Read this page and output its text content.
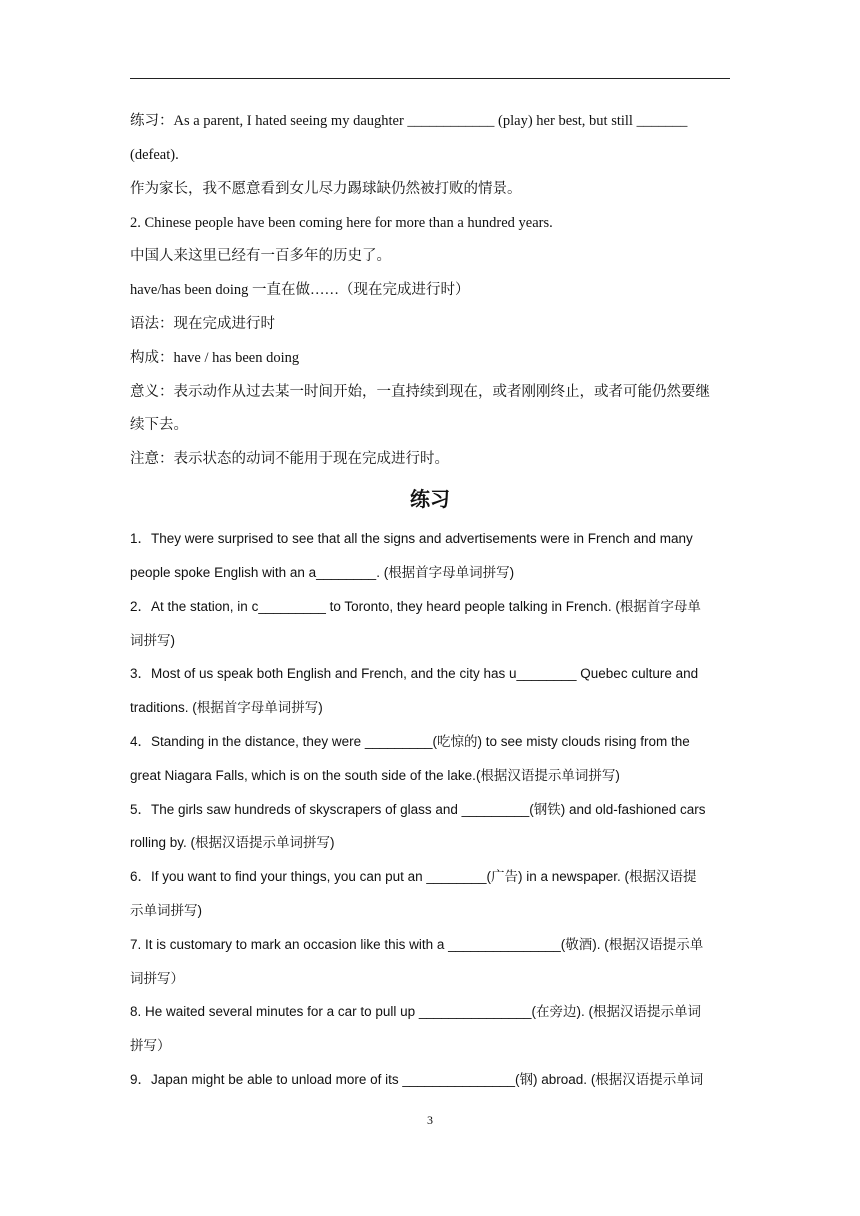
练习：As a parent, I hated seeing my daughter ____________ (play) her best, but still _______
(defeat).
作为家长，我不愿意看到女儿尽力踢球缺仍然被打败的情景。
2. Chinese people have been coming here for more than a hundred years.
中国人来这里已经有一百多年的历史了。
have/has been doing 一直在做……（现在完成进行时）
语法：现在完成进行时
构成：have / has been doing
意义：表示动作从过去某一时间开始，一直持续到现在，或者刚刚终止，或者可能仍然要继
续下去。
注意：表示状态的动词不能用于现在完成进行时。
练习
1．They were surprised to see that all the signs and advertisements were in French and many
people spoke English with an a________. (根据首字母单词拼写)
2．At the station, in c_________ to Toronto, they heard people talking in French. (根据首字母单
词拼写)
3．Most of us speak both English and French, and the city has u________ Quebec culture and
traditions. (根据首字母单词拼写)
4．Standing in the distance, they were _________(吃惊的) to see misty clouds rising from the
great Niagara Falls, which is on the south side of the lake.(根据汉语提示单词拼写)
5．The girls saw hundreds of skyscrapers of glass and _________(钢铁) and old-fashioned cars
rolling by. (根据汉语提示单词拼写)
6．If you want to find your things, you can put an ________(广告) in a newspaper. (根据汉语提
示单词拼写)
7. It is customary to mark an occasion like this with a _______________(敬酒). (根据汉语提示单
词拼写）
8. He waited several minutes for a car to pull up _______________(在旁边). (根据汉语提示单词
拼写）
9．Japan might be able to unload more of its _______________(钢) abroad. (根据汉语提示单词
3
